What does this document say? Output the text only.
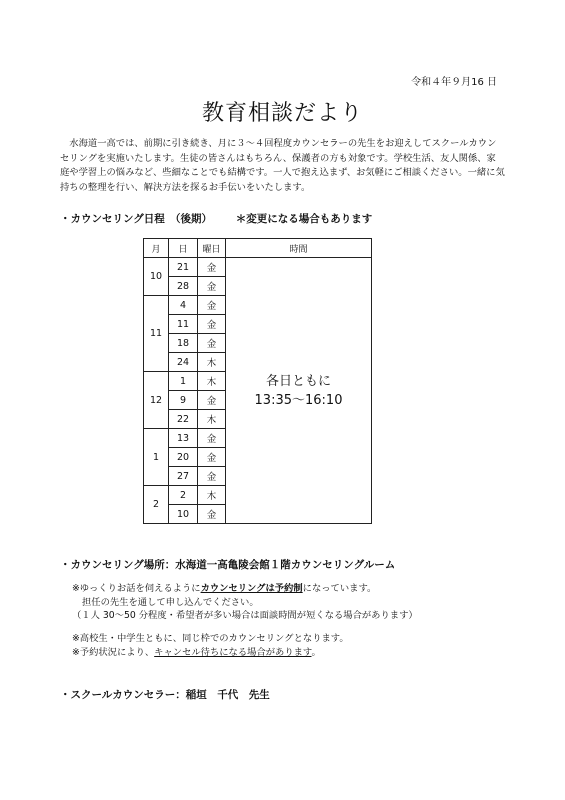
令和４年９月16 日
教育相談だより

水海道一高では、前期に引き続き、月に３～４回程度カウンセラーの先生をお迎えしてスクールカウンセリングを実施いたします。生徒の皆さんはもちろん、保護者の方も対象です。学校生活、友人関係、家庭や学習上の悩みなど、些細なことでも結構です。一人で抱え込まず、お気軽にご相談ください。一緒に気持ちの整理を行い、解決方法を探るお手伝いをいたします。

・カウンセリング日程　（後期） ＊変更になる場合もあります
月	日	曜日	時間
10	21	金	各日ともに
13:35～16:10

	28	金	
11	4	金	
	11	金	
	18	金	
	24	木	
12	1	木	
	9	金	
	22	木	
1	13	金	
	20	金	
	27	金	
2	2	木	
	10	金	
・カウンセリング場所：水海道一高亀陵会館１階カウンセリングルーム

※ゆっくりお話を伺えるようにカウンセリングは予約制になっています。

担任の先生を通して申し込んでください。

（１人 30～50 分程度・希望者が多い場合は面談時間が短くなる場合があります）

※高校生・中学生ともに、同じ枠でのカウンセリングとなります。

※予約状況により、キャンセル待ちになる場合があります。

・スクールカウンセラー：稲垣　千代　先生
